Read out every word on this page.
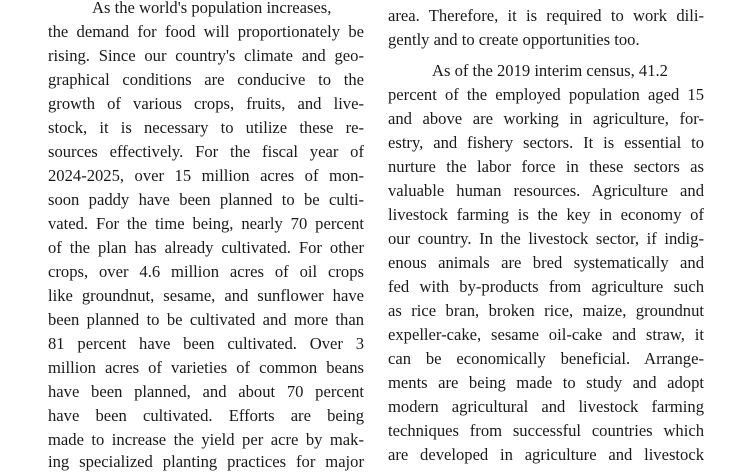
As the world's population increases,
the demand for food will proportionately be
rising. Since our country's climate and geo-
graphical conditions are conducive to the
growth of various crops, fruits, and live-
stock, it is necessary to utilize these re-
sources effectively. For the fiscal year of
2024-2025, over 15 million acres of mon-
soon paddy have been planned to be culti-
vated. For the time being, nearly 70 percent
of the plan has already cultivated. For other
crops, over 4.6 million acres of oil crops
like groundnut, sesame, and sunflower have
been planned to be cultivated and more than
81 percent have been cultivated. Over 3
million acres of varieties of common beans
have been planned, and about 70 percent
have been cultivated. Efforts are being
made to increase the yield per acre by mak-
ing specialized planting practices for major
area. Therefore, it is required to work dili-
gently and to create opportunities too.
As of the 2019 interim census, 41.2
percent of the employed population aged 15
and above are working in agriculture, for-
estry, and fishery sectors. It is essential to
nurture the labor force in these sectors as
valuable human resources. Agriculture and
livestock farming is the key in economy of
our country. In the livestock sector, if indig-
enous animals are bred systematically and
fed with by-products from agriculture such
as rice bran, broken rice, maize, groundnut
expeller-cake, sesame oil-cake and straw, it
can be economically beneficial. Arrange-
ments are being made to study and adopt
modern agricultural and livestock farming
techniques from successful countries which
are developed in agriculture and livestock
